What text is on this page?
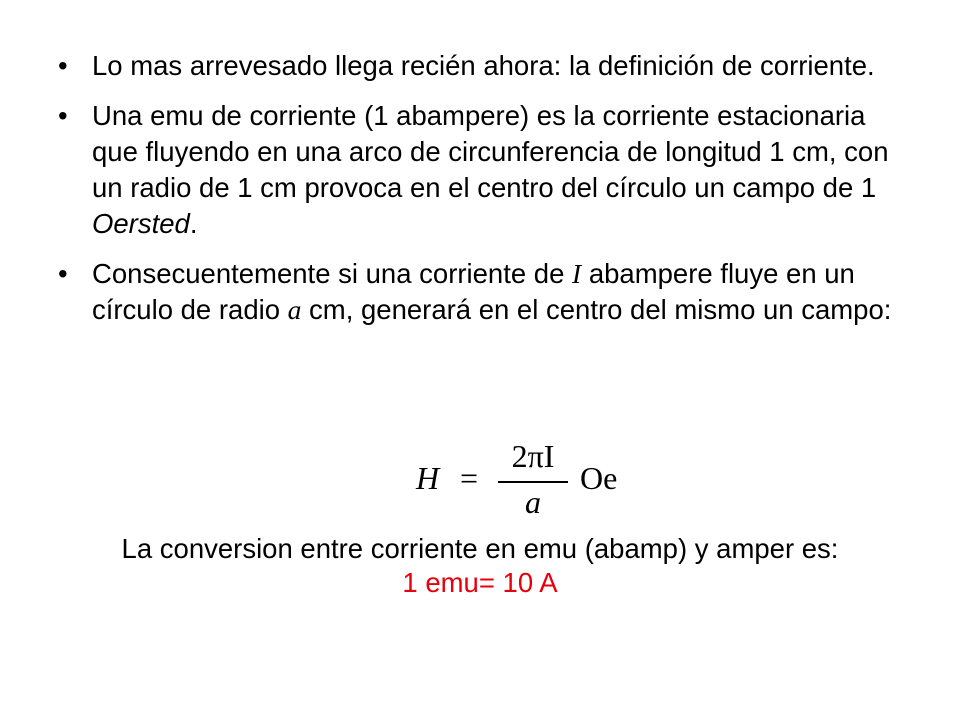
• Lo mas arrevesado llega recién ahora: la definición de corriente.
• Una emu de corriente (1 abampere) es la corriente estacionaria que fluyendo en una arco de circunferencia de longitud 1 cm, con un radio de 1 cm provoca en el centro del círculo un campo de 1 Oersted.
• Consecuentemente si una corriente de I abampere fluye en un círculo de radio a cm, generará en el centro del mismo un campo:
H =
2πI
a
Oe
La conversion entre corriente en emu (abamp) y amper es:
1 emu= 10 A
